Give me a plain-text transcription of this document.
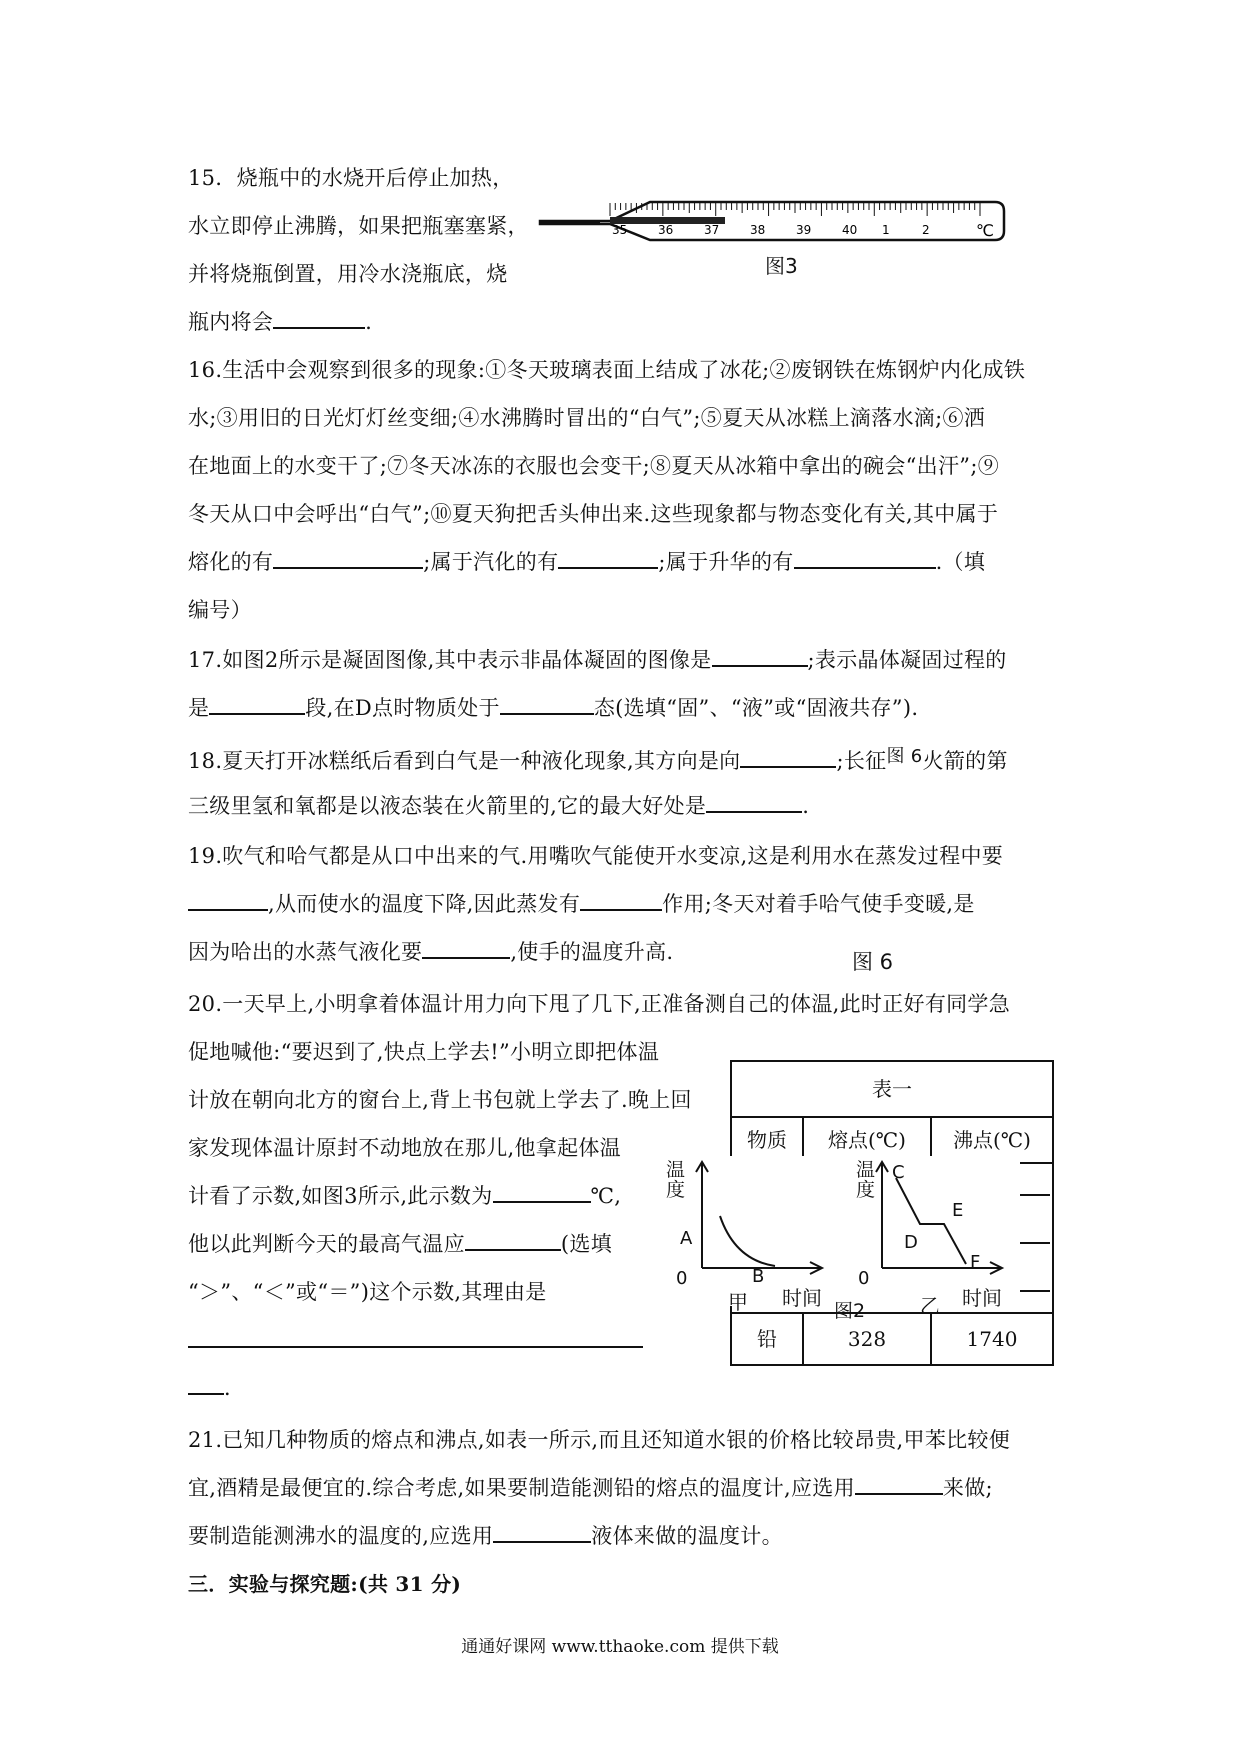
15．烧瓶中的水烧开后停止加热，
水立即停止沸腾，如果把瓶塞塞紧，
并将烧瓶倒置，用冷水浇瓶底，烧
瓶内将会	．
35	36	37	38	39	40 1	2	℃
图3
16.生活中会观察到很多的现象:①冬天玻璃表面上结成了冰花;②废钢铁在炼钢炉内化成铁
水;③用旧的日光灯灯丝变细;④水沸腾时冒出的“白气”;⑤夏天从冰糕上滴落水滴;⑥洒
在地面上的水变干了;⑦冬天冰冻的衣服也会变干;⑧夏天从冰箱中拿出的碗会“出汗”;⑨
冬天从口中会呼出“白气”;⑩夏天狗把舌头伸出来.这些现象都与物态变化有关,其中属于
熔化的有	;属于汽化的有	;属于升华的有	.（填
编号）
17.如图2所示是凝固图像,其中表示非晶体凝固的图像是	;表示晶体凝固过程的
是	段,在D点时物质处于	态(选填“固”、“液”或“固液共存”).
18.夏天打开冰糕纸后看到白气是一种液化现象,其方向是向	;长征图 6火箭的第
三级里氢和氧都是以液态装在火箭里的,它的最大好处是	.
19.吹气和哈气都是从口中出来的气.用嘴吹气能使开水变凉,这是利用水在蒸发过程中要
,从而使水的温度下降,因此蒸发有	作用;冬天对着手哈气使手变暖,是
因为哈出的水蒸气液化要	,使手的温度升高.	图 6
20.一天早上,小明拿着体温计用力向下甩了几下,正准备测自己的体温,此时正好有同学急
促地喊他:“要迟到了,快点上学去!”小明立即把体温
计放在朝向北方的窗台上,背上书包就上学去了.晚上回
家发现体温计原封不动地放在那儿,他拿起体温
计看了示数,如图3所示,此示数为	℃,
他以此判断今天的最高气温应	(选填
“＞”、“＜”或“＝”)这个示数,其理由是
．
表一
物质	熔点(℃)	沸点(℃)
铅	328	1740
温度
A
B
0
甲 时间
温度
C
D
E
F
0
乙 时间
图2
21.已知几种物质的熔点和沸点,如表一所示,而且还知道水银的价格比较昂贵,甲苯比较便
宜,酒精是最便宜的.综合考虑,如果要制造能测铅的熔点的温度计,应选用	来做;
要制造能测沸水的温度的,应选用	液体来做的温度计。
三．实验与探究题:(共 31 分)
通通好课网 www.tthaoke.com 提供下载
